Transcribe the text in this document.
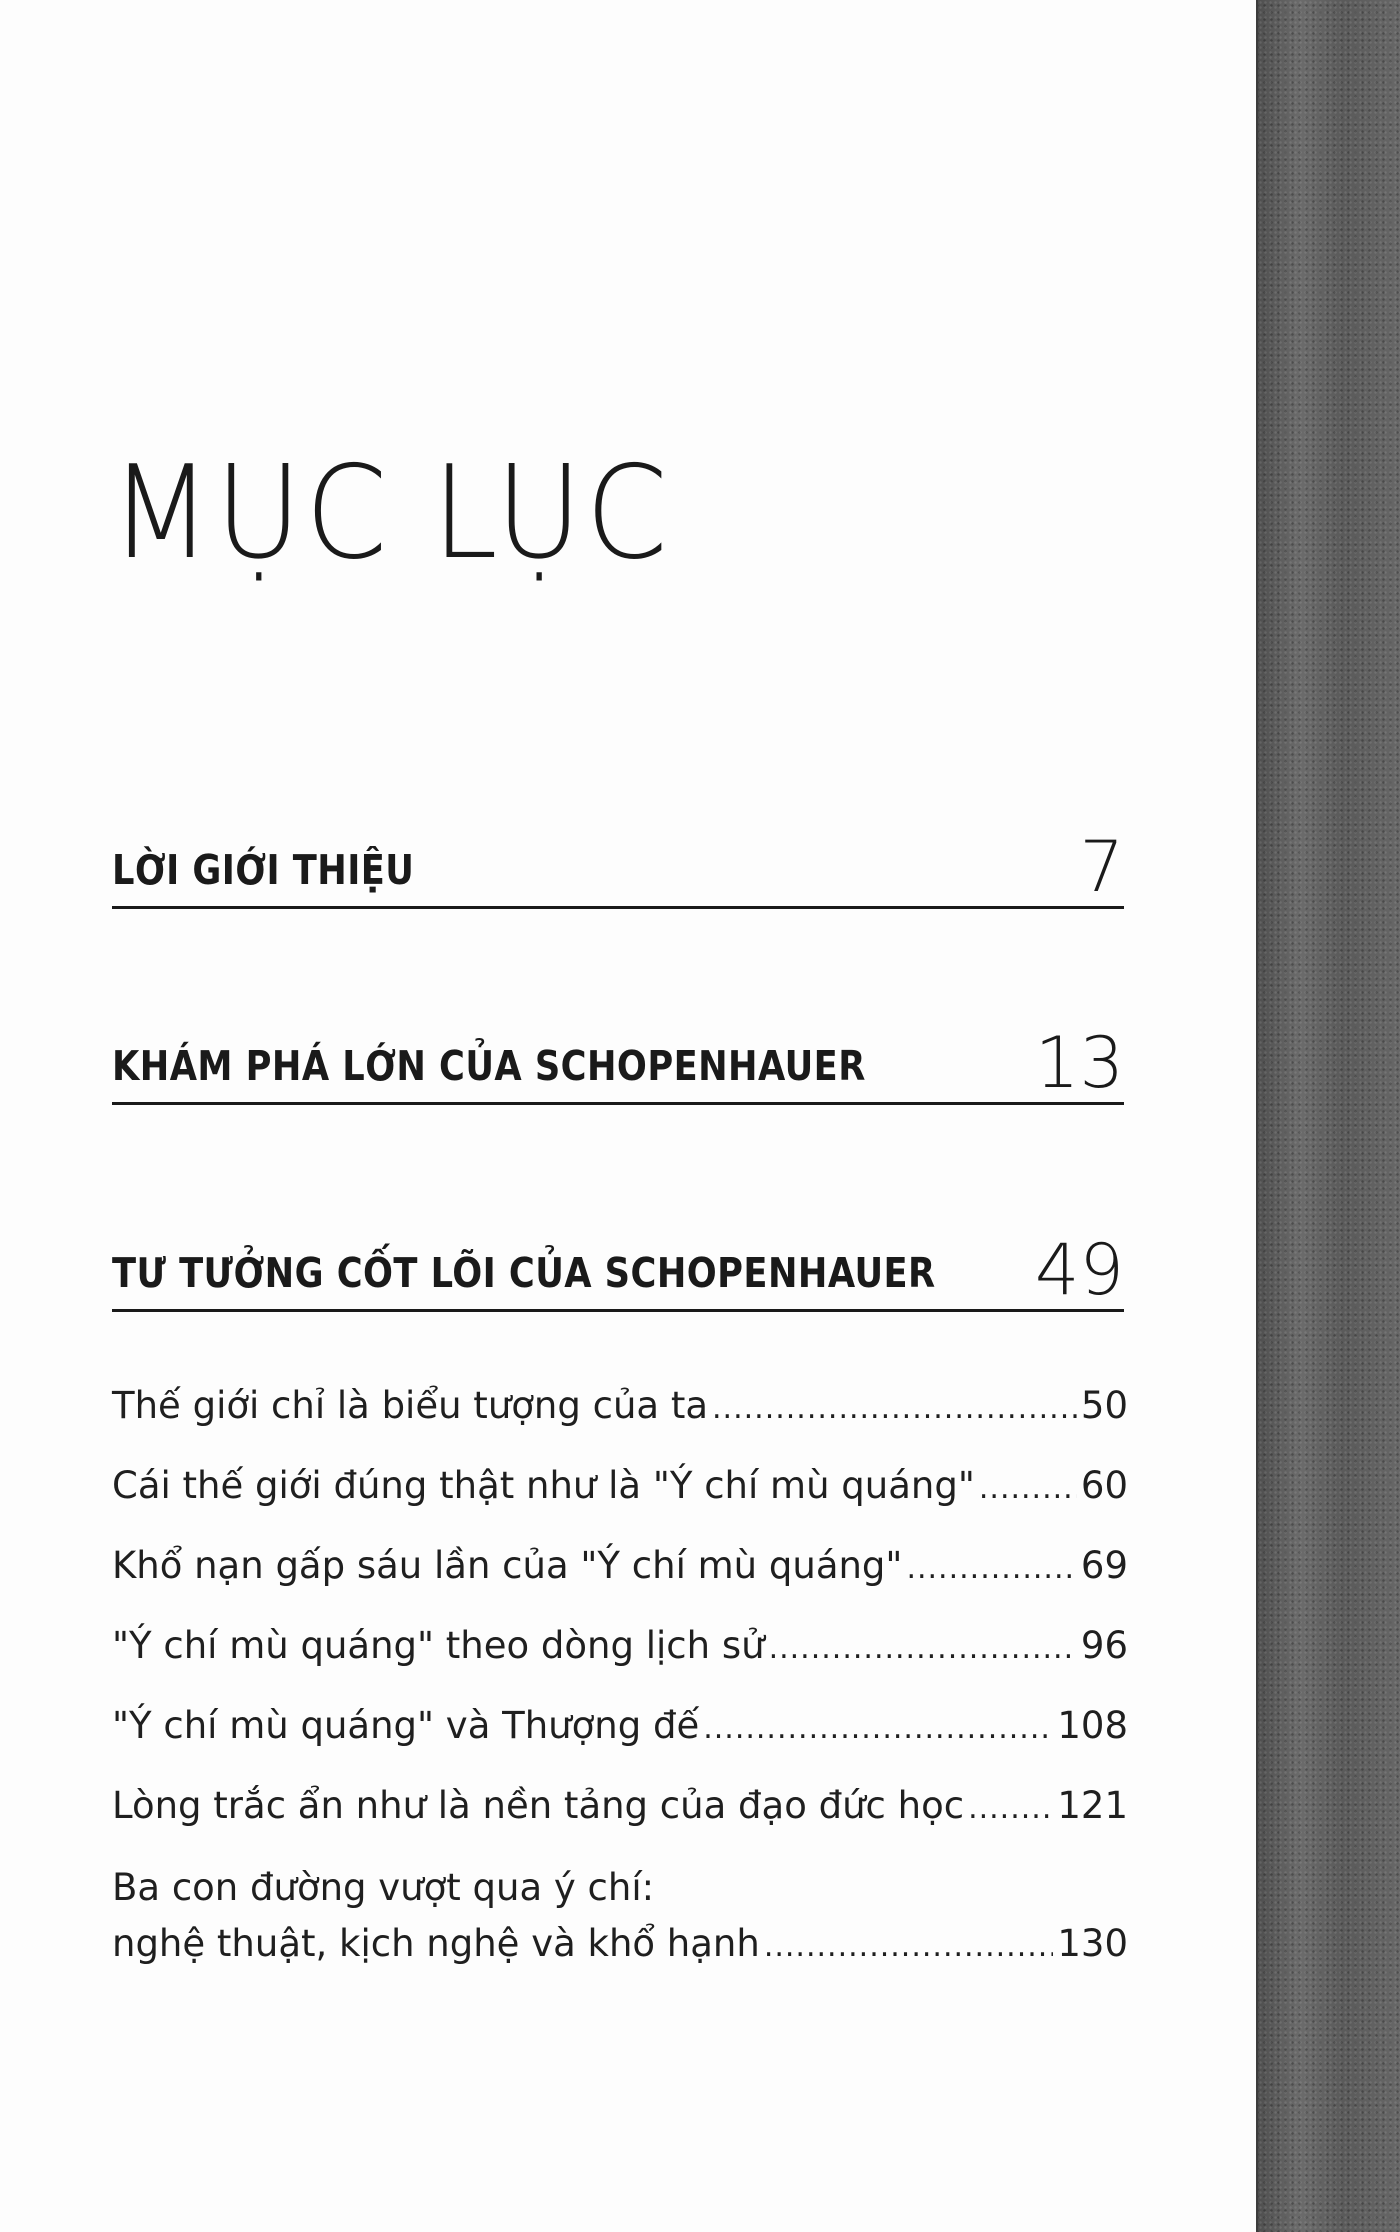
MỤC LỤC
LỜI GIỚI THIỆU	7
KHÁM PHÁ LỚN CỦA SCHOPENHAUER 13
TƯ TƯỞNG CỐT LÕI CỦA SCHOPENHAUER 49
Thế giới chỉ là biểu tượng của ta .....	50
Cái thế giới đúng thật như là "Ý chí mù quáng" .....	60
Khổ nạn gấp sáu lần của "Ý chí mù quáng" .....	69
"Ý chí mù quáng" theo dòng lịch sử .....	96
"Ý chí mù quáng" và Thượng đế .....	108
Lòng trắc ẩn như là nền tảng của đạo đức học .....	121
Ba con đường vượt qua ý chí:
nghệ thuật, kịch nghệ và khổ hạnh .....	130
